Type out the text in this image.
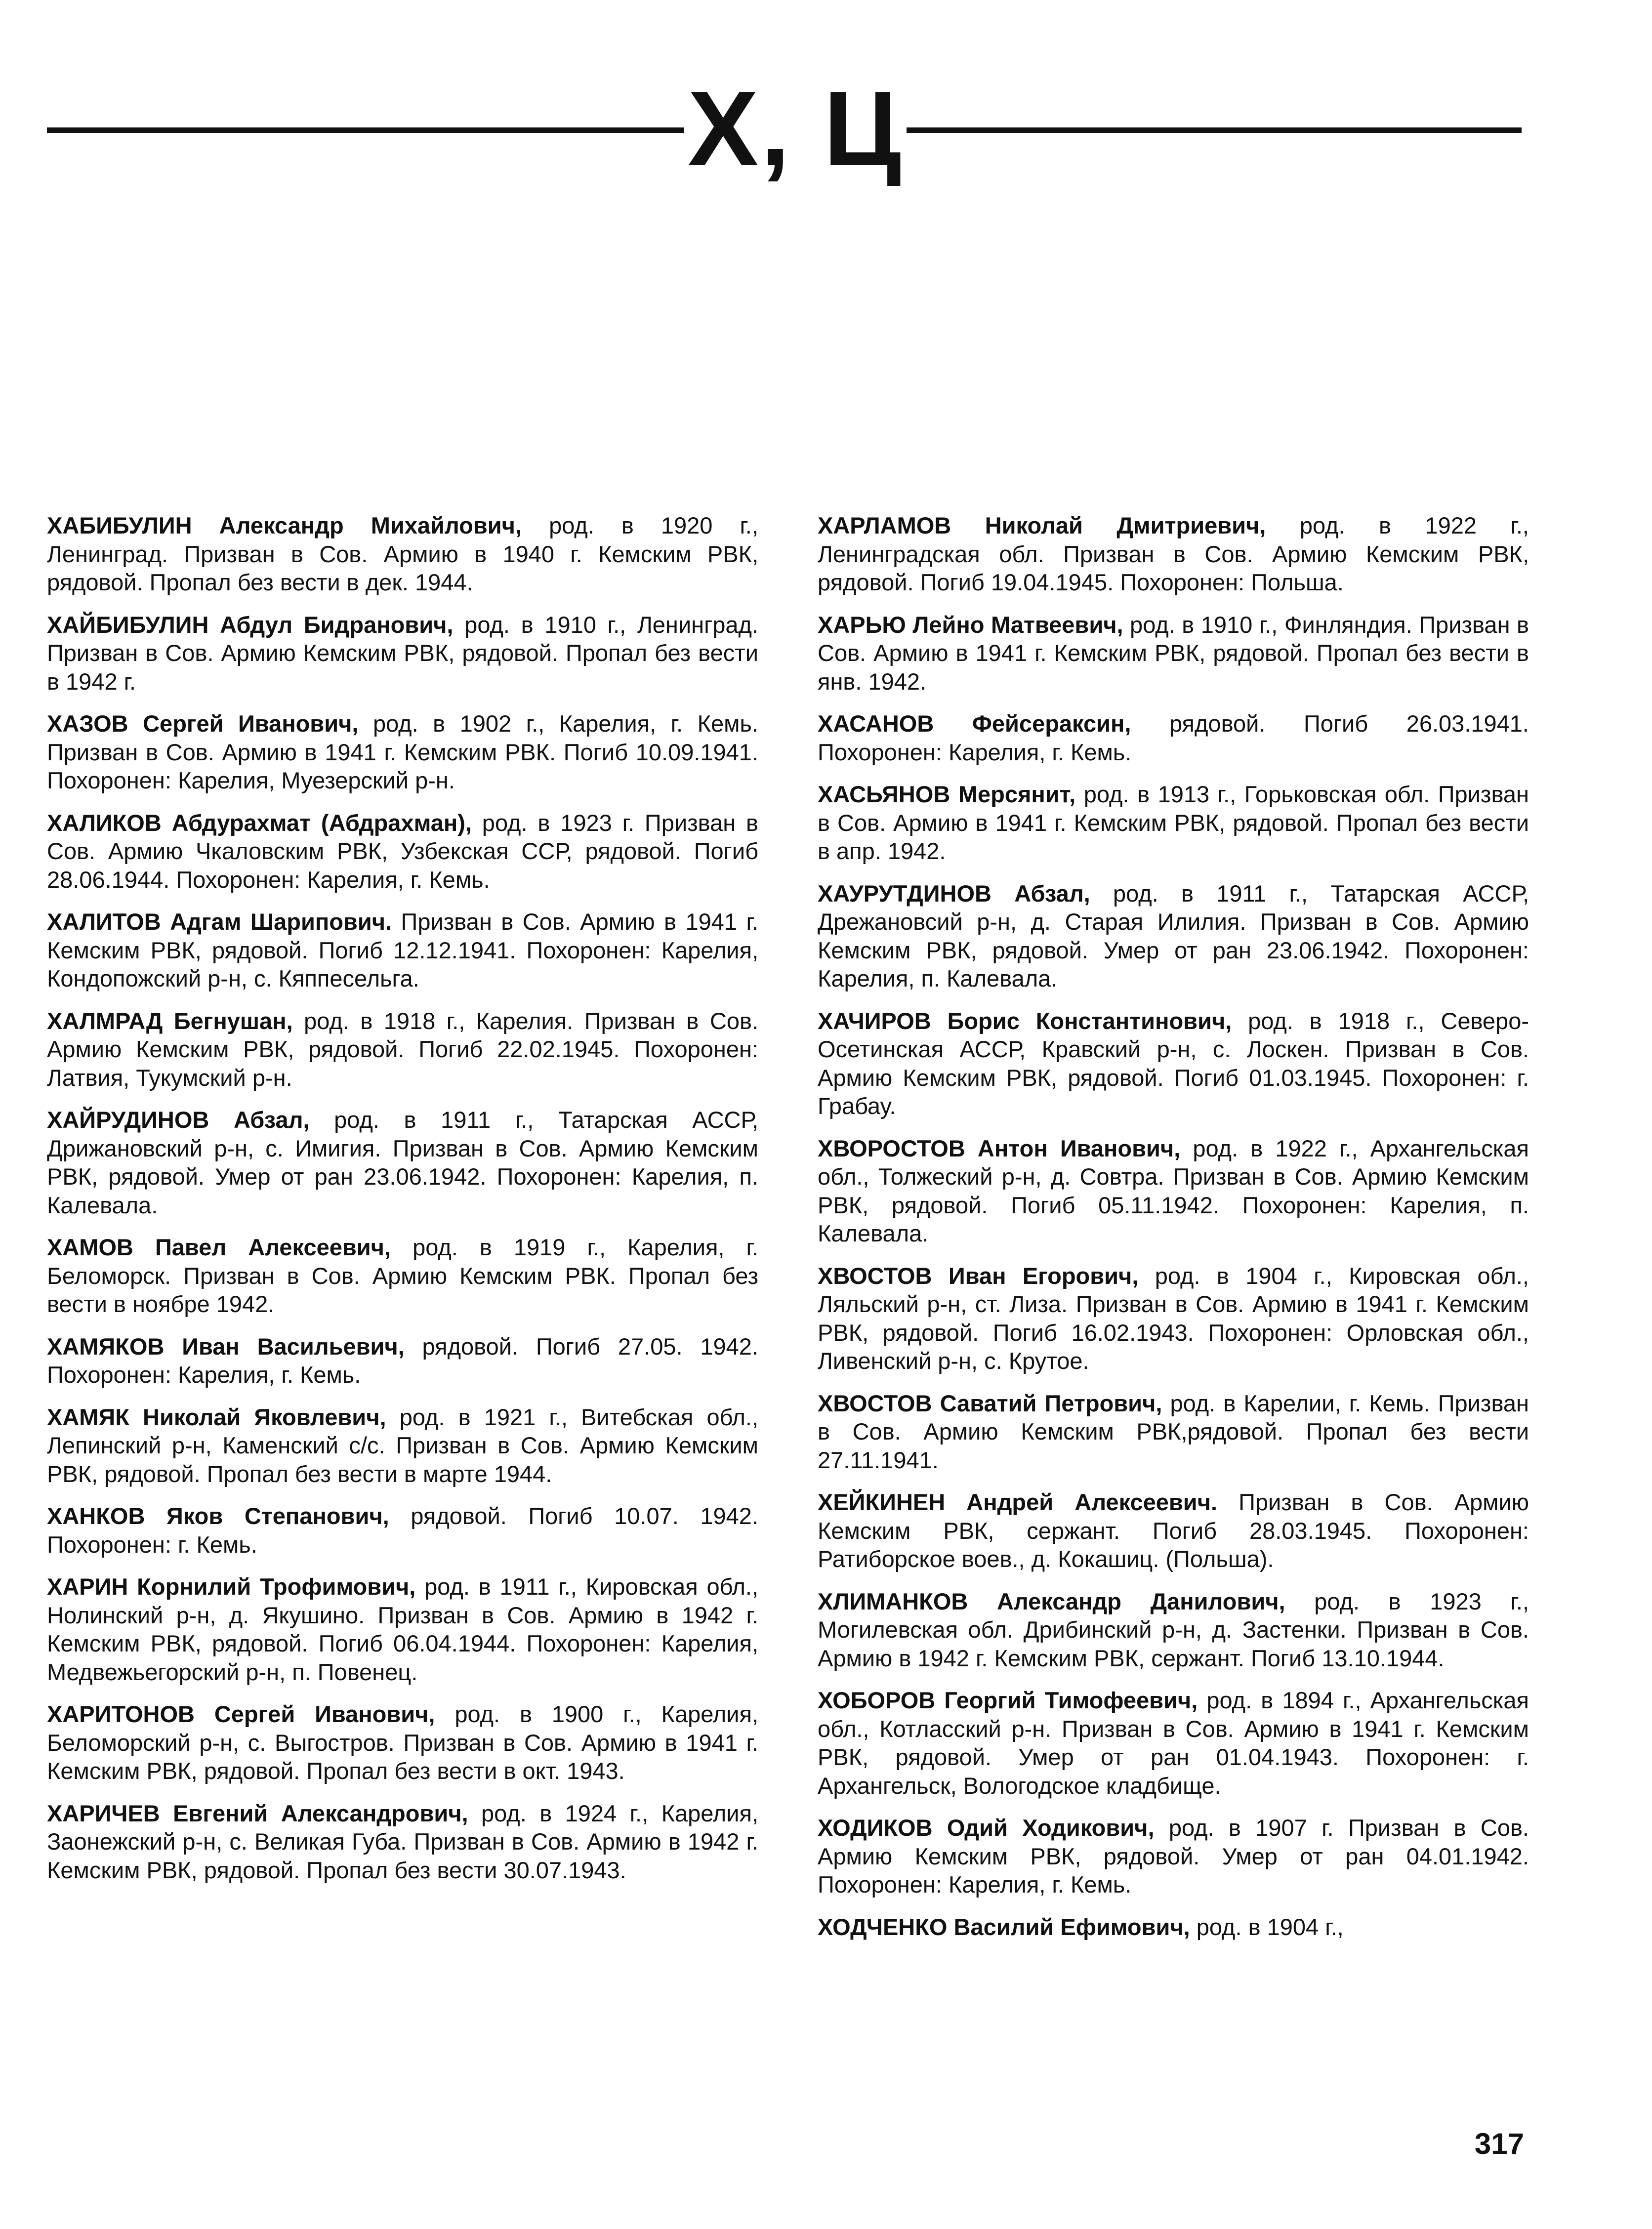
Х, Ц

ХАБИБУЛИН Александр Михайлович, род. в 1920 г., Ленинград. Призван в Сов. Армию в 1940 г. Кемским РВК, рядовой. Пропал без вести в дек. 1944.

ХАЙБИБУЛИН Абдул Бидранович, род. в 1910 г., Ленинград. Призван в Сов. Армию Кемским РВК, рядовой. Пропал без вести в 1942 г.

ХАЗОВ Сергей Иванович, род. в 1902 г., Карелия, г. Кемь. Призван в Сов. Армию в 1941 г. Кемским РВК. Погиб 10.09.1941. Похоронен: Карелия, Муезерский р-н.

ХАЛИКОВ Абдурахмат (Абдрахман), род. в 1923 г. Призван в Сов. Армию Чкаловским РВК, Узбекская ССР, рядовой. Погиб 28.06.1944. Похоронен: Карелия, г. Кемь.

ХАЛИТОВ Адгам Шарипович. Призван в Сов. Армию в 1941 г. Кемским РВК, рядовой. Погиб 12.12.1941. Похоронен: Карелия, Кондопожский р-н, с. Кяппесельга.

ХАЛМРАД Бегнушан, род. в 1918 г., Карелия. Призван в Сов. Армию Кемским РВК, рядовой. Погиб 22.02.1945. Похоронен: Латвия, Тукумский р-н.

ХАЙРУДИНОВ Абзал, род. в 1911 г., Татарская АССР, Дрижановский р-н, с. Имигия. Призван в Сов. Армию Кемским РВК, рядовой. Умер от ран 23.06.1942. Похоронен: Карелия, п. Калевала.

ХАМОВ Павел Алексеевич, род. в 1919 г., Карелия, г. Беломорск. Призван в Сов. Армию Кемским РВК. Пропал без вести в ноябре 1942.

ХАМЯКОВ Иван Васильевич, рядовой. Погиб 27.05. 1942. Похоронен: Карелия, г. Кемь.

ХАМЯК Николай Яковлевич, род. в 1921 г., Витебская обл., Лепинский р-н, Каменский с/с. Призван в Сов. Армию Кемским РВК, рядовой. Пропал без вести в марте 1944.

ХАНКОВ Яков Степанович, рядовой. Погиб 10.07. 1942. Похоронен: г. Кемь.

ХАРИН Корнилий Трофимович, род. в 1911 г., Кировская обл., Нолинский р-н, д. Якушино. Призван в Сов. Армию в 1942 г. Кемским РВК, рядовой. Погиб 06.04.1944. Похоронен: Карелия, Медвежьегорский р-н, п. Повенец.

ХАРИТОНОВ Сергей Иванович, род. в 1900 г., Карелия, Беломорский р-н, с. Выгостров. Призван в Сов. Армию в 1941 г. Кемским РВК, рядовой. Пропал без вести в окт. 1943.

ХАРИЧЕВ Евгений Александрович, род. в 1924 г., Карелия, Заонежский р-н, с. Великая Губа. Призван в Сов. Армию в 1942 г. Кемским РВК, рядовой. Пропал без вести 30.07.1943.

ХАРЛАМОВ Николай Дмитриевич, род. в 1922 г., Ленинградская обл. Призван в Сов. Армию Кемским РВК, рядовой. Погиб 19.04.1945. Похоронен: Польша.

ХАРЬЮ Лейно Матвеевич, род. в 1910 г., Финляндия. Призван в Сов. Армию в 1941 г. Кемским РВК, рядовой. Пропал без вести в янв. 1942.

ХАСАНОВ Фейсераксин, рядовой. Погиб 26.03.1941. Похоронен: Карелия, г. Кемь.

ХАСЬЯНОВ Мерсянит, род. в 1913 г., Горьковская обл. Призван в Сов. Армию в 1941 г. Кемским РВК, рядовой. Пропал без вести в апр. 1942.

ХАУРУТДИНОВ Абзал, род. в 1911 г., Татарская АССР, Дрежановсий р-н, д. Старая Илилия. Призван в Сов. Армию Кемским РВК, рядовой. Умер от ран 23.06.1942. Похоронен: Карелия, п. Калевала.

ХАЧИРОВ Борис Константинович, род. в 1918 г., Северо-Осетинская АССР, Кравский р-н, с. Лоскен. Призван в Сов. Армию Кемским РВК, рядовой. Погиб 01.03.1945. Похоронен: г. Грабау.

ХВОРОСТОВ Антон Иванович, род. в 1922 г., Архангельская обл., Толжеский р-н, д. Совтра. Призван в Сов. Армию Кемским РВК, рядовой. Погиб 05.11.1942. Похоронен: Карелия, п. Калевала.

ХВОСТОВ Иван Егорович, род. в 1904 г., Кировская обл., Ляльский р-н, ст. Лиза. Призван в Сов. Армию в 1941 г. Кемским РВК, рядовой. Погиб 16.02.1943. Похоронен: Орловская обл., Ливенский р-н, с. Крутое.

ХВОСТОВ Саватий Петрович, род. в Карелии, г. Кемь. Призван в Сов. Армию Кемским РВК,рядовой. Пропал без вести 27.11.1941.

ХЕЙКИНЕН Андрей Алексеевич. Призван в Сов. Армию Кемским РВК, сержант. Погиб 28.03.1945. Похоронен: Ратиборское воев., д. Кокашиц. (Польша).

ХЛИМАНКОВ Александр Данилович, род. в 1923 г., Могилевская обл. Дрибинский р-н, д. Застенки. Призван в Сов. Армию в 1942 г. Кемским РВК, сержант. Погиб 13.10.1944.

ХОБОРОВ Георгий Тимофеевич, род. в 1894 г., Архангельская обл., Котласский р-н. Призван в Сов. Армию в 1941 г. Кемским РВК, рядовой. Умер от ран 01.04.1943. Похоронен: г. Архангельск, Вологодское кладбище.

ХОДИКОВ Одий Ходикович, род. в 1907 г. Призван в Сов. Армию Кемским РВК, рядовой. Умер от ран 04.01.1942. Похоронен: Карелия, г. Кемь.

ХОДЧЕНКО Василий Ефимович, род. в 1904 г.,

317
